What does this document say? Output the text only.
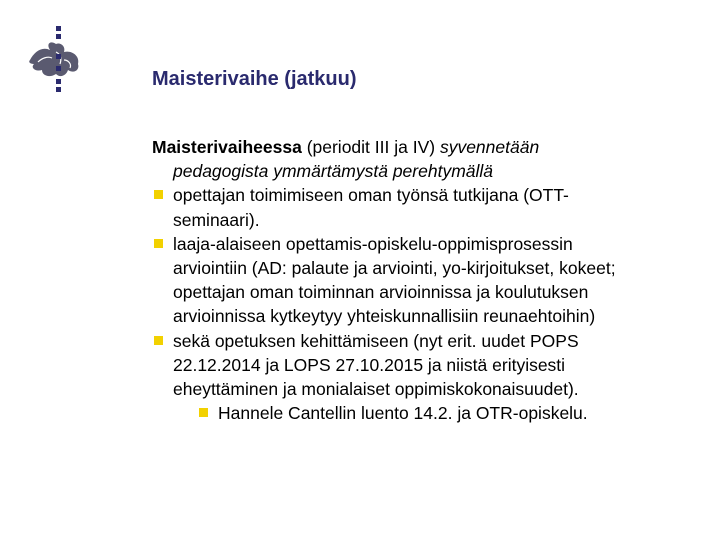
Maisterivaihe (jatkuu)

Maisterivaiheessa (periodit III ja IV) syvennetään
pedagogista ymmärtämystä perehtymällä

opettajan toimimiseen oman työnsä tutkijana (OTT-
seminaari).
laaja-alaiseen opettamis-opiskelu-oppimisprosessin
arviointiin (AD: palaute ja arviointi, yo-kirjoitukset, kokeet;
opettajan oman toiminnan arvioinnissa ja koulutuksen
arvioinnissa kytkeytyy yhteiskunnallisiin reunaehtoihin)
sekä opetuksen kehittämiseen (nyt erit. uudet POPS
22.12.2014 ja LOPS 27.10.2015 ja niistä erityisesti
eheyttäminen ja monialaiset oppimiskokonaisuudet).
Hannele Cantellin luento 14.2. ja OTR-opiskelu.
